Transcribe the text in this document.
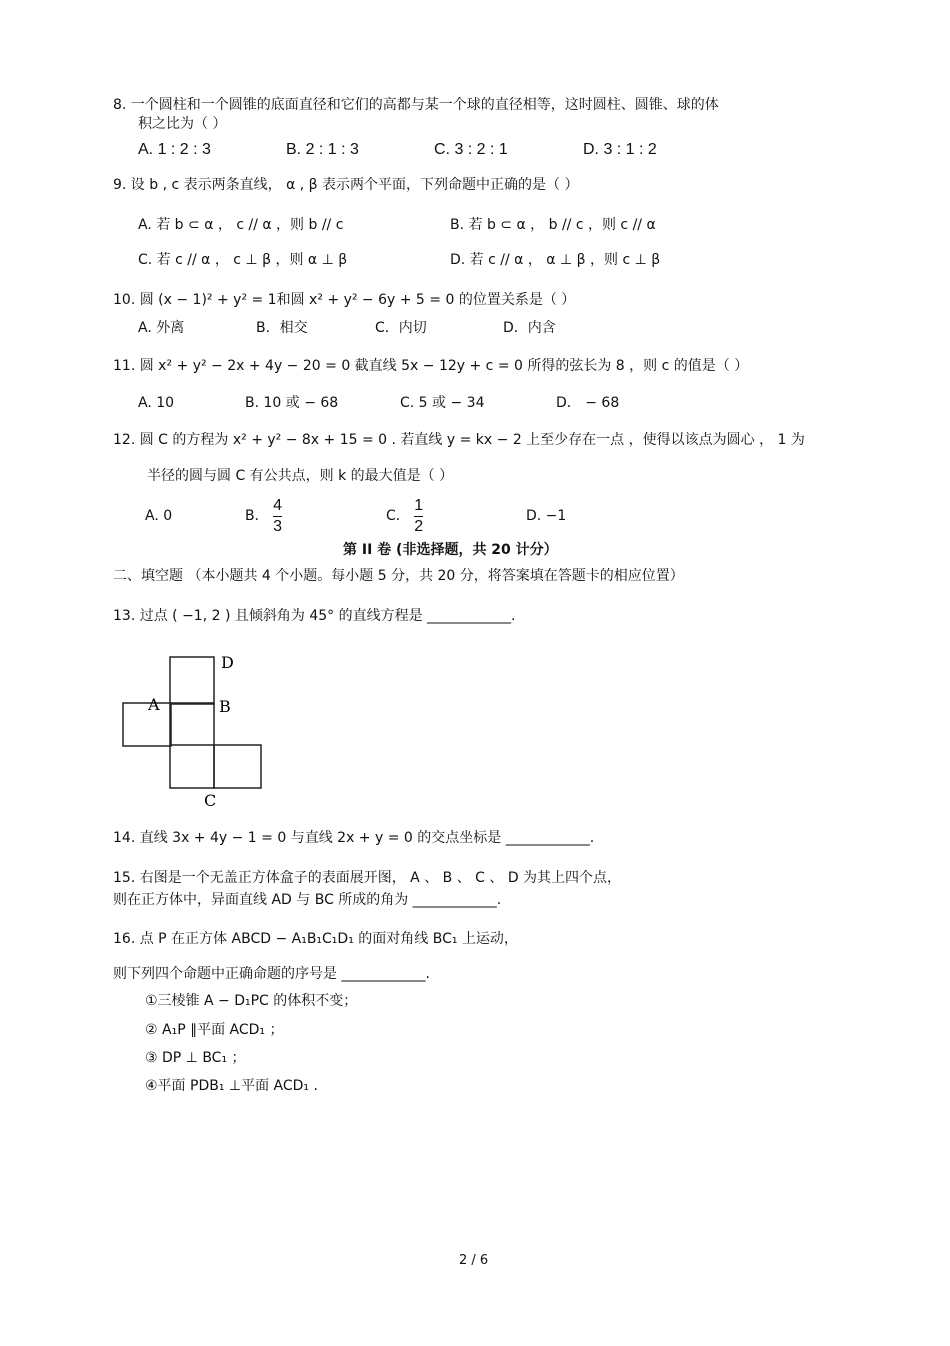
8. 一个圆柱和一个圆锥的底面直径和它们的高都与某一个球的直径相等，这时圆柱、圆锥、球的体
积之比为（ ）
A. 1 : 2 : 3	B. 2 : 1 : 3	C. 3 : 2 : 1	D. 3 : 1 : 2
9. 设 b , c 表示两条直线， α , β 表示两个平面，下列命题中正确的是（ ）
A. 若 b ⊂ α ， c // α ，则 b // c	B. 若 b ⊂ α ， b // c ，则 c // α
C. 若 c // α ， c ⊥ β ，则 α ⊥ β	D. 若 c // α ， α ⊥ β ，则 c ⊥ β
10. 圆 (x − 1)² + y² = 1和圆 x² + y² − 6y + 5 = 0 的位置关系是（ ）
A. 外离	B．相交	C．内切	D．内含
11. 圆 x² + y² − 2x + 4y − 20 = 0 截直线 5x − 12y + c = 0 所得的弦长为 8 ，则 c 的值是（ ）
A. 10	B. 10 或 − 68	C. 5 或 − 34	D． − 68
12. 圆 C 的方程为 x² + y² − 8x + 15 = 0 . 若直线 y = kx − 2 上至少存在一点 ，使得以该点为圆心 ， 1 为
半径的圆与圆 C 有公共点，则 k 的最大值是（ ）
A. 0	B． $\frac{4}{3}$	C． $\frac{1}{2}$	D. −1
第 II 卷 (非选择题，共 20 计分）
二、填空题 （本小题共 4 个小题。每小题 5 分，共 20 分，将答案填在答题卡的相应位置）
13. 过点 ( −1, 2 ) 且倾斜角为 45° 的直线方程是 ____________.
D
A	B
C
14. 直线 3x + 4y − 1 = 0 与直线 2x + y = 0 的交点坐标是 ____________.
15. 右图是一个无盖正方体盒子的表面展开图， A 、 B 、 C 、 D 为其上四个点，
则在正方体中，异面直线 AD 与 BC 所成的角为 ____________.
16. 点 P 在正方体 ABCD − A₁B₁C₁D₁ 的面对角线 BC₁ 上运动，
则下列四个命题中正确命题的序号是 ____________.
①三棱锥 A − D₁PC 的体积不变；
② A₁P ∥平面 ACD₁ ；
③ DP ⊥ BC₁ ；
④平面 PDB₁ ⊥平面 ACD₁ .
2 / 6
